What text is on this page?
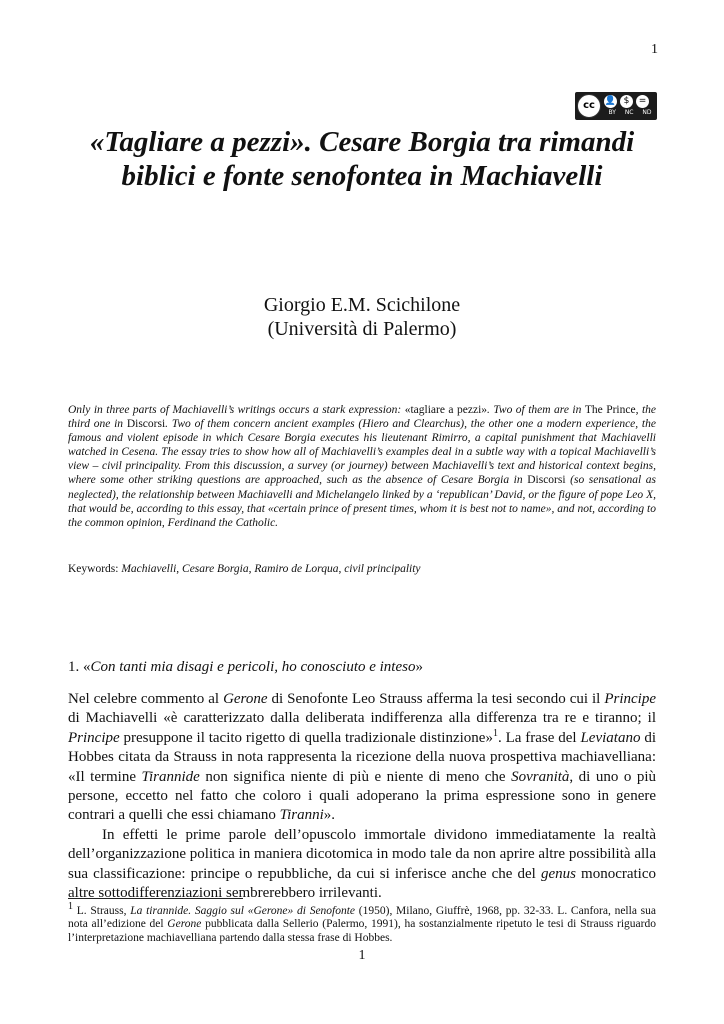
1
cc	👤 $	=
BY NC ND
«Tagliare a pezzi». Cesare Borgia tra rimandi biblici e fonte senofontea in Machiavelli
Giorgio E.M. Scichilone
(Università di Palermo)
Only in three parts of Machiavelli’s writings occurs a stark expression: «tagliare a pezzi». Two of them are in The Prince, the third one in Discorsi. Two of them concern ancient examples (Hiero and Clearchus), the other one a modern experience, the famous and violent episode in which Cesare Borgia executes his lieutenant Rimirro, a capital punishment that Machiavelli watched in Cesena. The essay tries to show how all of Machiavelli’s examples deal in a subtle way with a topical Machiavelli’s view – civil principality. From this discussion, a survey (or journey) between Machiavelli’s text and historical context begins, where some other striking questions are approached, such as the absence of Cesare Borgia in Discorsi (so sensational as neglected), the relationship between Machiavelli and Michelangelo linked by a ‘republican’ David, or the figure of pope Leo X, that would be, according to this essay, that «certain prince of present times, whom it is best not to name», and not, according to the common opinion, Ferdinand the Catholic.
Keywords: Machiavelli, Cesare Borgia, Ramiro de Lorqua, civil principality
1. «Con tanti mia disagi e pericoli, ho conosciuto e inteso»

Nel celebre commento al Gerone di Senofonte Leo Strauss afferma la tesi secondo cui il Principe di Machiavelli «è caratterizzato dalla deliberata indifferenza alla differenza tra re e tiranno; il Principe presuppone il tacito rigetto di quella tradizionale distinzione»$^1$. La frase del Leviatano di Hobbes citata da Strauss in nota rappresenta la ricezione della nuova prospettiva machiavelliana: «Il termine Tirannide non significa niente di più e niente di meno che Sovranità, di uno o più persone, eccetto nel fatto che coloro i quali adoperano la prima espressione sono in genere contrari a quelli che essi chiamano Tiranni».

In effetti le prime parole dell’opuscolo immortale dividono immediatamente la realtà dell’organizzazione politica in maniera dicotomica in modo tale da non aprire altre possibilità alla sua classificazione: principe o repubbliche, da cui si inferisce anche che del genus monocratico altre sottodifferenziazioni sembrerebbero irrilevanti.

$^1$ L. Strauss, La tirannide. Saggio sul «Gerone» di Senofonte (1950), Milano, Giuffrè, 1968, pp. 32-33. L. Canfora, nella sua nota all’edizione del Gerone pubblicata dalla Sellerio (Palermo, 1991), ha sostanzialmente ripetuto le tesi di Strauss riguardo l’interpretazione machiavelliana partendo dalla stessa frase di Hobbes.
1
